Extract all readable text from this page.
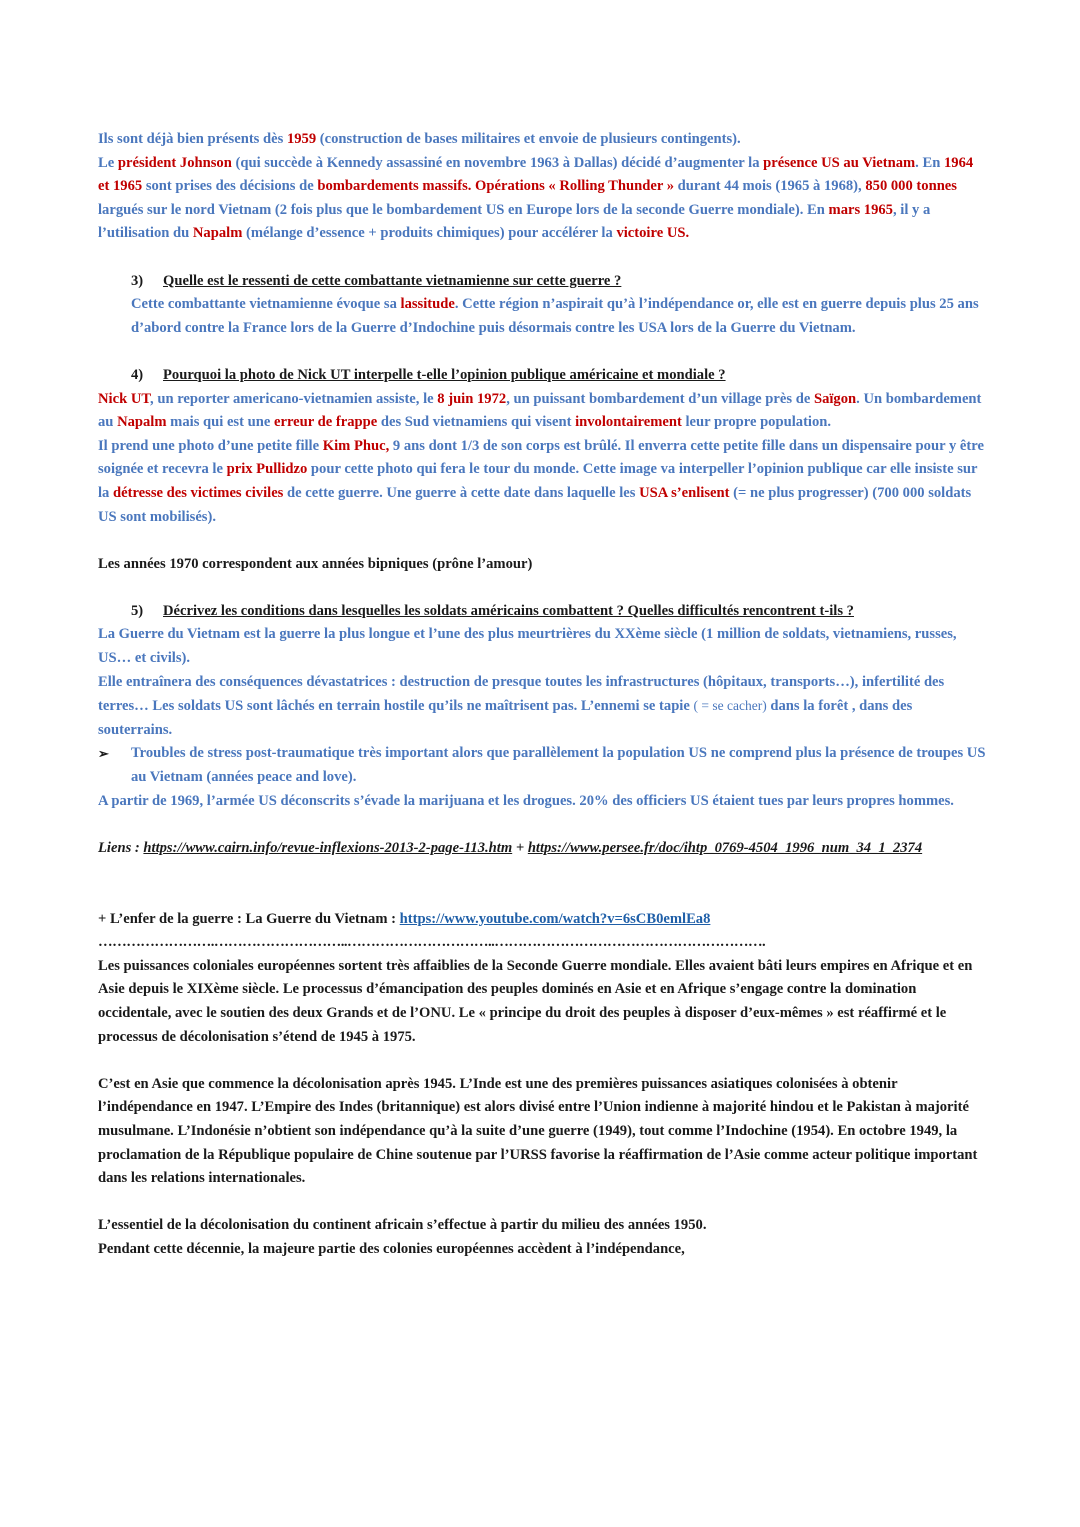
Ils sont déjà bien présents dès 1959 (construction de bases militaires et envoie de plusieurs contingents).

Le président Johnson (qui succède à Kennedy assassiné en novembre 1963 à Dallas) décidé d’augmenter la présence US au Vietnam. En 1964 et 1965 sont prises des décisions de bombardements massifs. Opérations « Rolling Thunder » durant 44 mois (1965 à 1968), 850 000 tonnes largués sur le nord Vietnam (2 fois plus que le bombardement US en Europe lors de la seconde Guerre mondiale). En mars 1965, il y a l’utilisation du Napalm (mélange d’essence + produits chimiques) pour accélérer la victoire US.

3) Quelle est le ressenti de cette combattante vietnamienne sur cette guerre ?

Cette combattante vietnamienne évoque sa lassitude. Cette région n’aspirait qu’à l’indépendance or, elle est en guerre depuis plus 25 ans d’abord contre la France lors de la Guerre d’Indochine puis désormais contre les USA lors de la Guerre du Vietnam.

4) Pourquoi la photo de Nick UT interpelle t-elle l’opinion publique américaine et mondiale ?

Nick UT, un reporter americano-vietnamien assiste, le 8 juin 1972, un puissant bombardement d’un village près de Saïgon. Un bombardement au Napalm mais qui est une erreur de frappe des Sud vietnamiens qui visent involontairement leur propre population.

Il prend une photo d’une petite fille Kim Phuc, 9 ans dont 1/3 de son corps est brûlé. Il enverra cette petite fille dans un dispensaire pour y être soignée et recevra le prix Pullidzo pour cette photo qui fera le tour du monde. Cette image va interpeller l’opinion publique car elle insiste sur la détresse des victimes civiles de cette guerre. Une guerre à cette date dans laquelle les USA s’enlisent (= ne plus progresser) (700 000 soldats US sont mobilisés).

Les années 1970 correspondent aux années bipniques (prône l’amour)

5) Décrivez les conditions dans lesquelles les soldats américains combattent ? Quelles difficultés rencontrent t-ils ?

La Guerre du Vietnam est la guerre la plus longue et l’une des plus meurtrières du XXème siècle (1 million de soldats, vietnamiens, russes, US… et civils).

Elle entraînera des conséquences dévastatrices : destruction de presque toutes les infrastructures (hôpitaux, transports…), infertilité des terres… Les soldats US sont lâchés en terrain hostile qu’ils ne maîtrisent pas. L’ennemi se tapie ( = se cacher) dans la forêt , dans des souterrains.

➢ Troubles de stress post-traumatique très important alors que parallèlement la population US ne comprend plus la présence de troupes US au Vietnam (années peace and love).

A partir de 1969, l’armée US déconscrits s’évade la marijuana et les drogues. 20% des officiers US étaient tues par leurs propres hommes.

Liens : https://www.cairn.info/revue-inflexions-2013-2-page-113.htm + https://www.persee.fr/doc/ihtp_0769-4504_1996_num_34_1_2374

+ L’enfer de la guerre : La Guerre du Vietnam : https://www.youtube.com/watch?v=6sCB0emlEa8

…………………….………………………..…………………………..………………………………………………….

Les puissances coloniales européennes sortent très affaiblies de la Seconde Guerre mondiale. Elles avaient bâti leurs empires en Afrique et en Asie depuis le XIXème siècle. Le processus d’émancipation des peuples dominés en Asie et en Afrique s’engage contre la domination occidentale, avec le soutien des deux Grands et de l’ONU. Le « principe du droit des peuples à disposer d’eux-mêmes » est réaffirmé et le processus de décolonisation s’étend de 1945 à 1975.

C’est en Asie que commence la décolonisation après 1945. L’Inde est une des premières puissances asiatiques colonisées à obtenir l’indépendance en 1947. L’Empire des Indes (britannique) est alors divisé entre l’Union indienne à majorité hindou et le Pakistan à majorité musulmane. L’Indonésie n’obtient son indépendance qu’à la suite d’une guerre (1949), tout comme l’Indochine (1954). En octobre 1949, la proclamation de la République populaire de Chine soutenue par l’URSS favorise la réaffirmation de l’Asie comme acteur politique important dans les relations internationales.

L’essentiel de la décolonisation du continent africain s’effectue à partir du milieu des années 1950.

Pendant cette décennie, la majeure partie des colonies européennes accèdent à l’indépendance,
